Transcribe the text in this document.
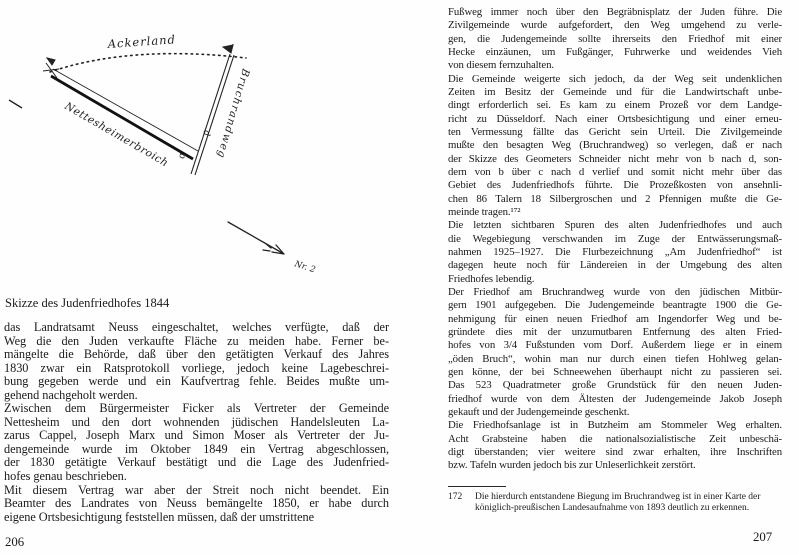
Ackerland
Nettesheimerbroich	Bruchrandweg
d
b
Nr. 2
Skizze des Judenfriedhofes 1844
das Landratsamt Neuss eingeschaltet, welches verfügte, daß der
Weg die den Juden verkaufte Fläche zu meiden habe. Ferner be-
mängelte die Behörde, daß über den getätigten Verkauf des Jahres
1830 zwar ein Ratsprotokoll vorliege, jedoch keine Lagebeschrei-
bung gegeben werde und ein Kaufvertrag fehle. Beides mußte um-
gehend nachgeholt werden.
Zwischen dem Bürgermeister Ficker als Vertreter der Gemeinde
Nettesheim und den dort wohnenden jüdischen Handelsleuten La-
zarus Cappel, Joseph Marx und Simon Moser als Vertreter der Ju-
dengemeinde wurde im Oktober 1849 ein Vertrag abgeschlossen,
der 1830 getätigte Verkauf bestätigt und die Lage des Judenfried-
hofes genau beschrieben.
Mit diesem Vertrag war aber der Streit noch nicht beendet. Ein
Beamter des Landrates von Neuss bemängelte 1850, er habe durch
eigene Ortsbesichtigung feststellen müssen, daß der umstrittene
206
Fußweg immer noch über den Begräbnisplatz der Juden führe. Die
Zivilgemeinde wurde aufgefordert, den Weg umgehend zu verle-
gen, die Judengemeinde sollte ihrerseits den Friedhof mit einer
Hecke einzäunen, um Fußgänger, Fuhrwerke und weidendes Vieh
von diesem fernzuhalten.
Die Gemeinde weigerte sich jedoch, da der Weg seit undenklichen
Zeiten im Besitz der Gemeinde und für die Landwirtschaft unbe-
dingt erforderlich sei. Es kam zu einem Prozeß vor dem Landge-
richt zu Düsseldorf. Nach einer Ortsbesichtigung und einer erneu-
ten Vermessung fällte das Gericht sein Urteil. Die Zivilgemeinde
mußte den besagten Weg (Bruchrandweg) so verlegen, daß er nach
der Skizze des Geometers Schneider nicht mehr von b nach d, son-
dern von b über c nach d verlief und somit nicht mehr über das
Gebiet des Judenfriedhofs führte. Die Prozeßkosten von ansehnli-
chen 86 Talern 18 Silbergroschen und 2 Pfennigen mußte die Ge-
meinde tragen.¹⁷²
Die letzten sichtbaren Spuren des alten Judenfriedhofes und auch
die Wegebiegung verschwanden im Zuge der Entwässerungsmaß-
nahmen 1925–1927. Die Flurbezeichnung „Am Judenfriedhof“ ist
dagegen heute noch für Ländereien in der Umgebung des alten
Friedhofes lebendig.
Der Friedhof am Bruchrandweg wurde von den jüdischen Mitbür-
gern 1901 aufgegeben. Die Judengemeinde beantragte 1900 die Ge-
nehmigung für einen neuen Friedhof am Ingendorfer Weg und be-
gründete dies mit der unzumutbaren Entfernung des alten Fried-
hofes von 3/4 Fußstunden vom Dorf. Außerdem liege er in einem
„öden Bruch“, wohin man nur durch einen tiefen Hohlweg gelan-
gen könne, der bei Schneewehen überhaupt nicht zu passieren sei.
Das 523 Quadratmeter große Grundstück für den neuen Juden-
friedhof wurde von dem Ältesten der Judengemeinde Jakob Joseph
gekauft und der Judengemeinde geschenkt.
Die Friedhofsanlage ist in Butzheim am Stommeler Weg erhalten.
Acht Grabsteine haben die nationalsozialistische Zeit unbeschä-
digt überstanden; vier weitere sind zwar erhalten, ihre Inschriften
bzw. Tafeln wurden jedoch bis zur Unleserlichkeit zerstört.
172 Die hierdurch entstandene Biegung im Bruchrandweg ist in einer Karte der
königlich-preußischen Landesaufnahme von 1893 deutlich zu erkennen.
207
